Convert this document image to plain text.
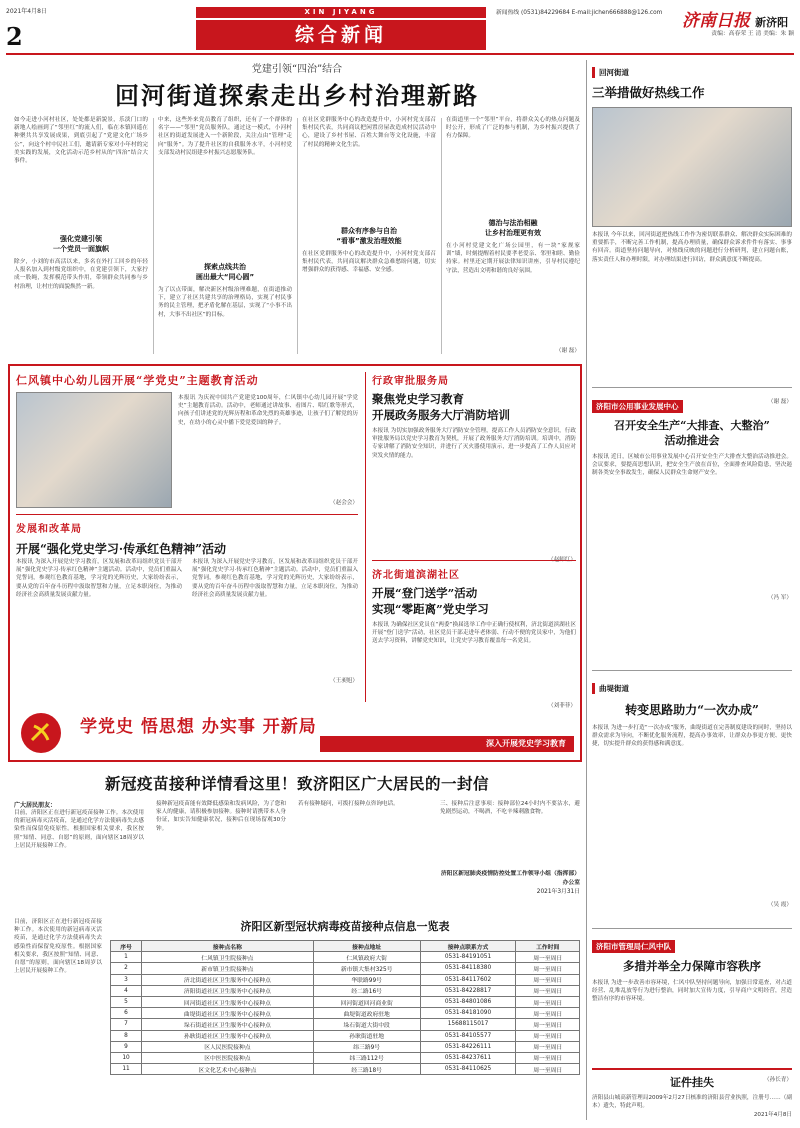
2
2021年4月8日	XIN JIYANG
综合新闻
新闻热线 (0531)84229684 E-mail:jichen666888@126.com 济南日报 新济阳
责编：高春荣 王 清 美编：朱 颖
党建引领“四治”结合
回河街道探索走出乡村治理新路
如今走进小河村社区，处处都是新貌景，乐淡门口的新地人绘画到了“邻里红”的流人们，临在本镇回遥在种聚共共享发展成果，到底引起了“党建文化广场乡公”，向这个村中民社工们，邀请新专家对小年村的完美实践的发展，文化活动示范乡村从的“四治”结合大事件。
强化党建引领
一个党员一面旗帜
除夕，小刘的市高活以来，多名在外打工回乡的年轻人报名加入到村级党组织中，在党建引领下，大家拧成一股绳，发挥模范带头作用，带领群众共同参与乡村治理，让村庄的面貌焕然一新。
中来，这些外来党员教育了组织，还有了一个群体的名字——“邻里”党员服务队，通过这一模式，小河村社区的街道发展进入一个新阶段，关注点由“管理”走向“服务”。为了提升社区的自我服务水平，小河村党支部发动村民组建乡村振兴志愿服务队。
探索点线共治
画出最大“同心圆”
为了以点带面，解决新区村级治理难题，在街道推动下，建立了社区共建共享的治理格局，实现了村民事务的民主管理，把矛盾化解在基层，实现了“小事不出村，大事不出社区”的目标。
在社区党群服务中心的改造提升中，小河村党支部召集村民代表，共同商议把闲置房屋改造成村民活动中心，建设了乡村书屋、百姓大舞台等文化设施，丰富了村民的精神文化生活。
群众有序参与自治
“看事”激发治理效能
在社区党群服务中心的改造提升中，小河村党支部召集村民代表，共同商议解决群众急难愁盼问题，切实增强群众的获得感、幸福感、安全感。
在街道里一个“邻里”平台，将群众关心的热点问题及时公开，形成了广泛的参与机制，为乡村振兴提供了有力保障。
德治与法治相融
让乡村治理更有效
在小河村党建文化广场公园里，有一块“家规家训”墙，时刻提醒着村民要孝老爱亲、邻里和睦、勤俭持家。村里还定期开展法律知识讲座，引导村民遵纪守法，营造出文明和谐的良好氛围。
（谢 磊）
回河街道
三举措做好热线工作
本报讯 今年以来，回河街道把热线工作作为密切联系群众、解决群众实际困难的重要抓手，不断完善工作机制，提高办理质量，确保群众诉求件件有落实、事事有回音。街道坚持问题导向，对热线反映的问题进行分析研判，建立问题台账，落实责任人和办理时限，对办理结果进行回访，群众满意度不断提高。
（谢 磊）
济阳市公用事业发展中心
召开安全生产“大排查、大整治”
活动推进会
本报讯 近日，区城市公用事业发展中心召开安全生产大排查大整治活动推进会。会议要求，要提高思想认识，把安全生产放在首位，全面排查风险隐患，坚决遏制各类安全事故发生，确保人民群众生命财产安全。
（冯 军）
曲堤街道
转变思路助力“一次办成”
本报讯 为进一步打造“一次办成”服务，曲堤街道在完善制度建设的同时，坚持以群众需求为导向，不断优化服务流程，提高办事效率，让群众办事更方便、更快捷，切实提升群众的获得感和满意度。
（吴 霞）
济阳市管理局仁风中队
多措并举全力保障市容秩序
本报讯 为进一步改善市容环境，仁风中队坚持问题导向，加强日常巡查，对占道经营、乱堆乱放等行为进行整治，同时加大宣传力度，引导商户文明经营，营造整洁有序的市容环境。
（孙长青）
证件挂失
济阳县山城高新管理局2009年2月27日核准的济阳县营业执照，注册号……（副本）遗失，特此声明。
2021年4月8日
仁风镇中心幼儿园开展“学党史”主题教育活动
本报讯 为庆祝中国共产党建党100周年，仁风镇中心幼儿园开展“学党史”主题教育活动。活动中，老师通过讲故事、看图片、唱红歌等形式，向孩子们讲述党的光辉历程和革命先烈的英雄事迹，让孩子们了解党的历史，在幼小的心灵中播下爱党爱国的种子。
（赵会会）
发展和改革局
开展“强化党史学习·传承红色精神”活动
本报讯 为深入开展党史学习教育，区发展和改革局组织党员干部开展“强化党史学习·传承红色精神”主题活动。活动中，党员们重温入党誓词，参观红色教育基地，学习党的光辉历史，大家纷纷表示，要从党的百年奋斗历程中汲取智慧和力量，立足本职岗位，为推动经济社会高质量发展贡献力量。
本报讯 为深入开展党史学习教育，区发展和改革局组织党员干部开展“强化党史学习·传承红色精神”主题活动。活动中，党员们重温入党誓词，参观红色教育基地，学习党的光辉历史，大家纷纷表示，要从党的百年奋斗历程中汲取智慧和力量，立足本职岗位，为推动经济社会高质量发展贡献力量。
（王昶旭）
行政审批服务局
聚焦党史学习教育
开展政务服务大厅消防培训
本报讯 为切实加强政务服务大厅消防安全管理，提高工作人员消防安全意识，行政审批服务局以党史学习教育为契机，开展了政务服务大厅消防培训。培训中，消防专家讲解了消防安全知识，并进行了灭火器使用演示，进一步提高了工作人员应对突发火情的能力。
济北街道滨湖社区
开展“登门送学”活动
实现“零距离”党史学习
本报讯 为确保社区党员在“两委”换届选举工作中正确行使权利，济北街道滨湖社区开展“登门送学”活动，社区党员干部走进年老体弱、行动不便的党员家中，为他们送去学习资料，讲解党史知识，让党史学习教育覆盖每一名党员。
（刘菲菲）
学党史 悟思想 办实事 开新局
深入开展党史学习教育
新冠疫苗接种详情看这里！致济阳区广大居民的一封信
广大居民朋友：
目前，济阳区正在进行新冠疫苗接种工作。本次使用的新冠病毒灭活疫苗，是通过化学方法使病毒失去感染性而保留免疫原性。根据国家相关要求，我区按照“知情、同意、自愿”的原则，面向辖区18周岁以上居民开展接种工作。
接种新冠疫苗能有效降低感染和发病风险，为了您和家人的健康，请积极参加接种。接种时请携带本人身份证，如实告知健康状况，接种后在现场留观30分钟。
若有接种疑问，可拨打接种点咨询电话。	三、接种后注意事项：接种部位24小时内不要沾水，避免剧烈运动，不喝酒，不吃辛辣刺激食物。
济阳区新冠肺炎疫情防控处置工作领导小组（指挥部）办公室
2021年3月31日
济阳区新型冠状病毒疫苗接种点信息一览表
序号	接种点名称	接种点地址	接种点联系方式	工作时间
1	仁风镇卫生院接种点	仁风镇政府大街	0531-84191051	周一至周日
2	新市镇卫生院接种点	新市镇大集村325号	0531-84118380	周一至周日
3	济北街道社区卫生服务中心接种点	华联路99号	0531-84117602	周一至周日
4	济阳街道社区卫生服务中心接种点	经二路16号	0531-84228817	周一至周日
5	回河街道社区卫生服务中心接种点	回河街道回河商业街	0531-84801086	周一至周日
6	曲堤街道社区卫生服务中心接种点	曲堤街道政府驻地	0531-84181090	周一至周日
7	垛石街道社区卫生服务中心接种点	垛石街道大街中段	15688115017	周一至周日
8	孙耿街道社区卫生服务中心接种点	孙耿街道驻地	0531-84105577	周一至周日
9	区人民医院接种点	纬三路9号	0531-84226111	周一至周日
10	区中医医院接种点	纬三路112号	0531-84237611	周一至周日
11	区文化艺术中心接种点	经三路18号	0531-84110625	周一至周日
目前，济阳区正在进行新冠疫苗接种工作。本次使用的新冠病毒灭活疫苗，是通过化学方法使病毒失去感染性而保留免疫原性。根据国家相关要求，我区按照“知情、同意、自愿”的原则，面向辖区18周岁以上居民开展接种工作。
